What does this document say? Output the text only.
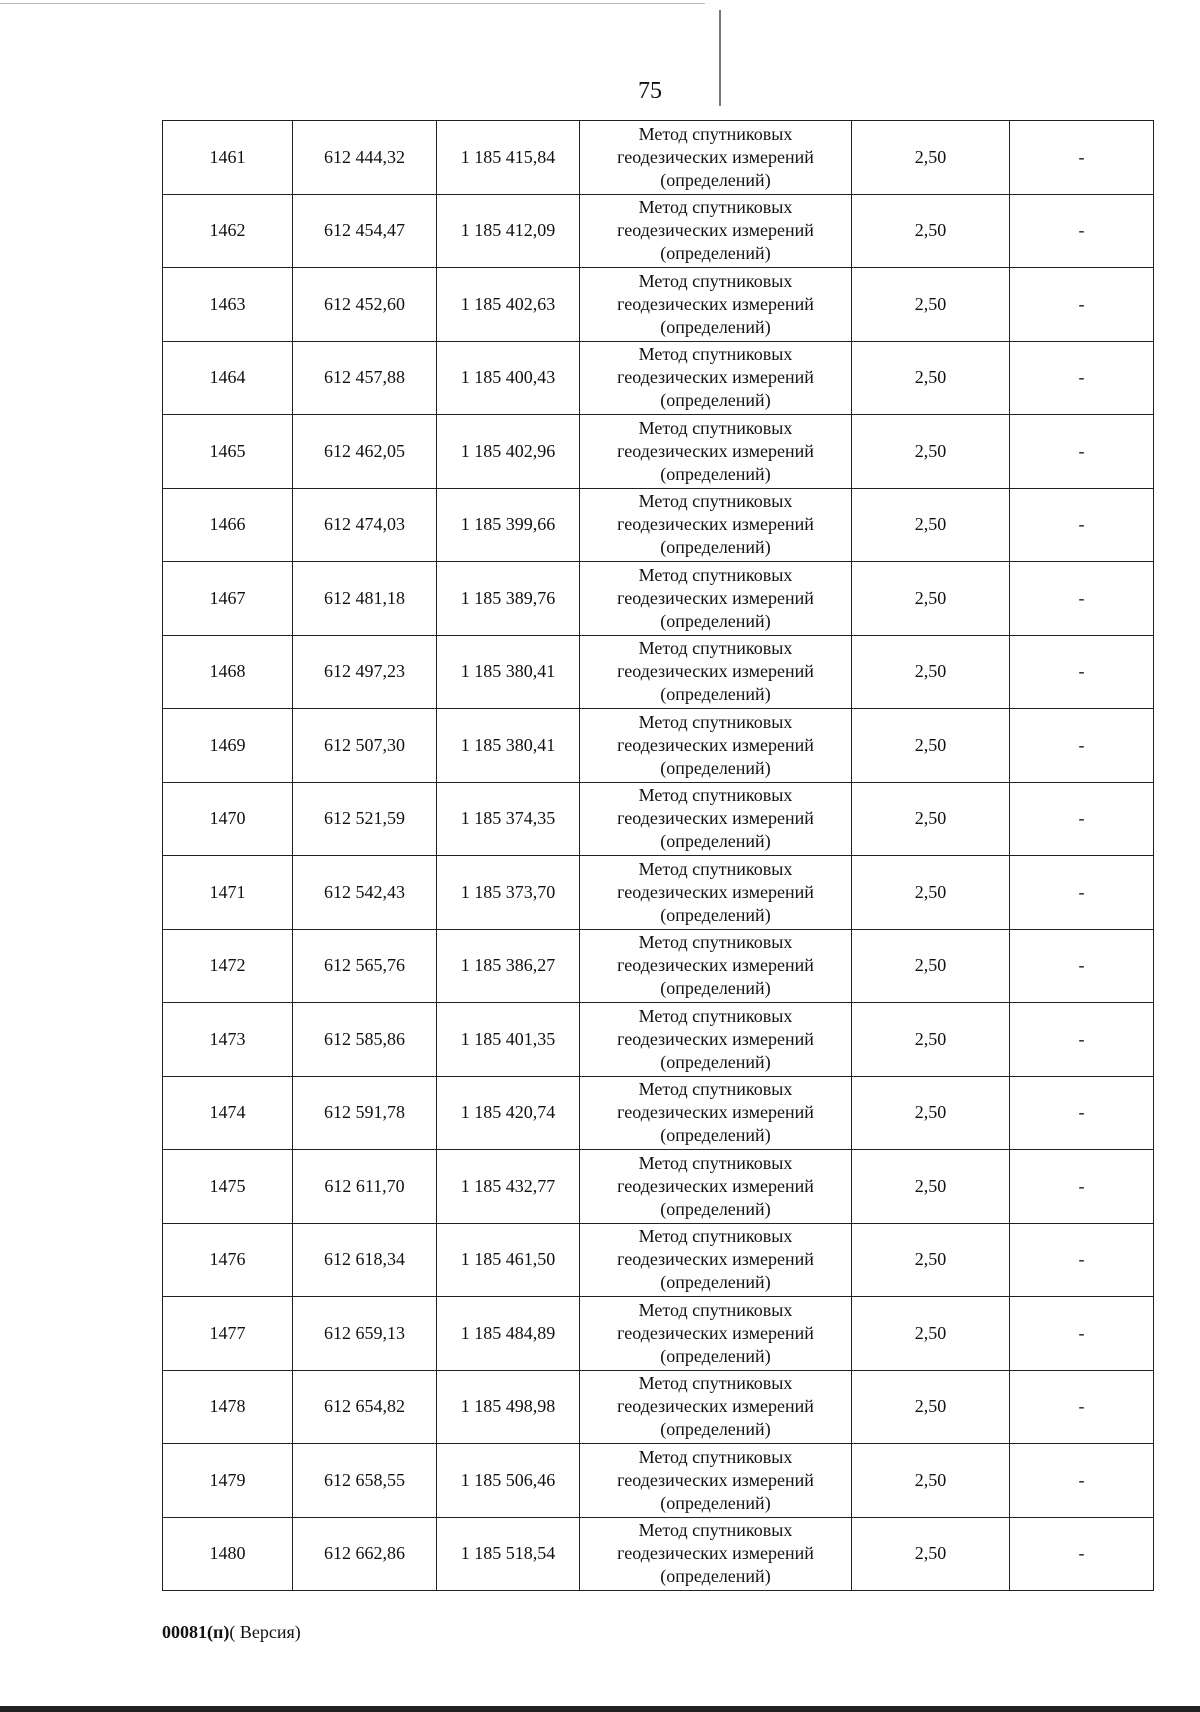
75
1461	612 444,32	1 185 415,84	Метод спутниковых
геодезических измерений
(определений)	2,50	-
1462	612 454,47	1 185 412,09	Метод спутниковых
геодезических измерений
(определений)	2,50	-
1463	612 452,60	1 185 402,63	Метод спутниковых
геодезических измерений
(определений)	2,50	-
1464	612 457,88	1 185 400,43	Метод спутниковых
геодезических измерений
(определений)	2,50	-
1465	612 462,05	1 185 402,96	Метод спутниковых
геодезических измерений
(определений)	2,50	-
1466	612 474,03	1 185 399,66	Метод спутниковых
геодезических измерений
(определений)	2,50	-
1467	612 481,18	1 185 389,76	Метод спутниковых
геодезических измерений
(определений)	2,50	-
1468	612 497,23	1 185 380,41	Метод спутниковых
геодезических измерений
(определений)	2,50	-
1469	612 507,30	1 185 380,41	Метод спутниковых
геодезических измерений
(определений)	2,50	-
1470	612 521,59	1 185 374,35	Метод спутниковых
геодезических измерений
(определений)	2,50	-
1471	612 542,43	1 185 373,70	Метод спутниковых
геодезических измерений
(определений)	2,50	-
1472	612 565,76	1 185 386,27	Метод спутниковых
геодезических измерений
(определений)	2,50	-
1473	612 585,86	1 185 401,35	Метод спутниковых
геодезических измерений
(определений)	2,50	-
1474	612 591,78	1 185 420,74	Метод спутниковых
геодезических измерений
(определений)	2,50	-
1475	612 611,70	1 185 432,77	Метод спутниковых
геодезических измерений
(определений)	2,50	-
1476	612 618,34	1 185 461,50	Метод спутниковых
геодезических измерений
(определений)	2,50	-
1477	612 659,13	1 185 484,89	Метод спутниковых
геодезических измерений
(определений)	2,50	-
1478	612 654,82	1 185 498,98	Метод спутниковых
геодезических измерений
(определений)	2,50	-
1479	612 658,55	1 185 506,46	Метод спутниковых
геодезических измерений
(определений)	2,50	-
1480	612 662,86	1 185 518,54	Метод спутниковых
геодезических измерений
(определений)	2,50	-
00081(п)( Версия)
